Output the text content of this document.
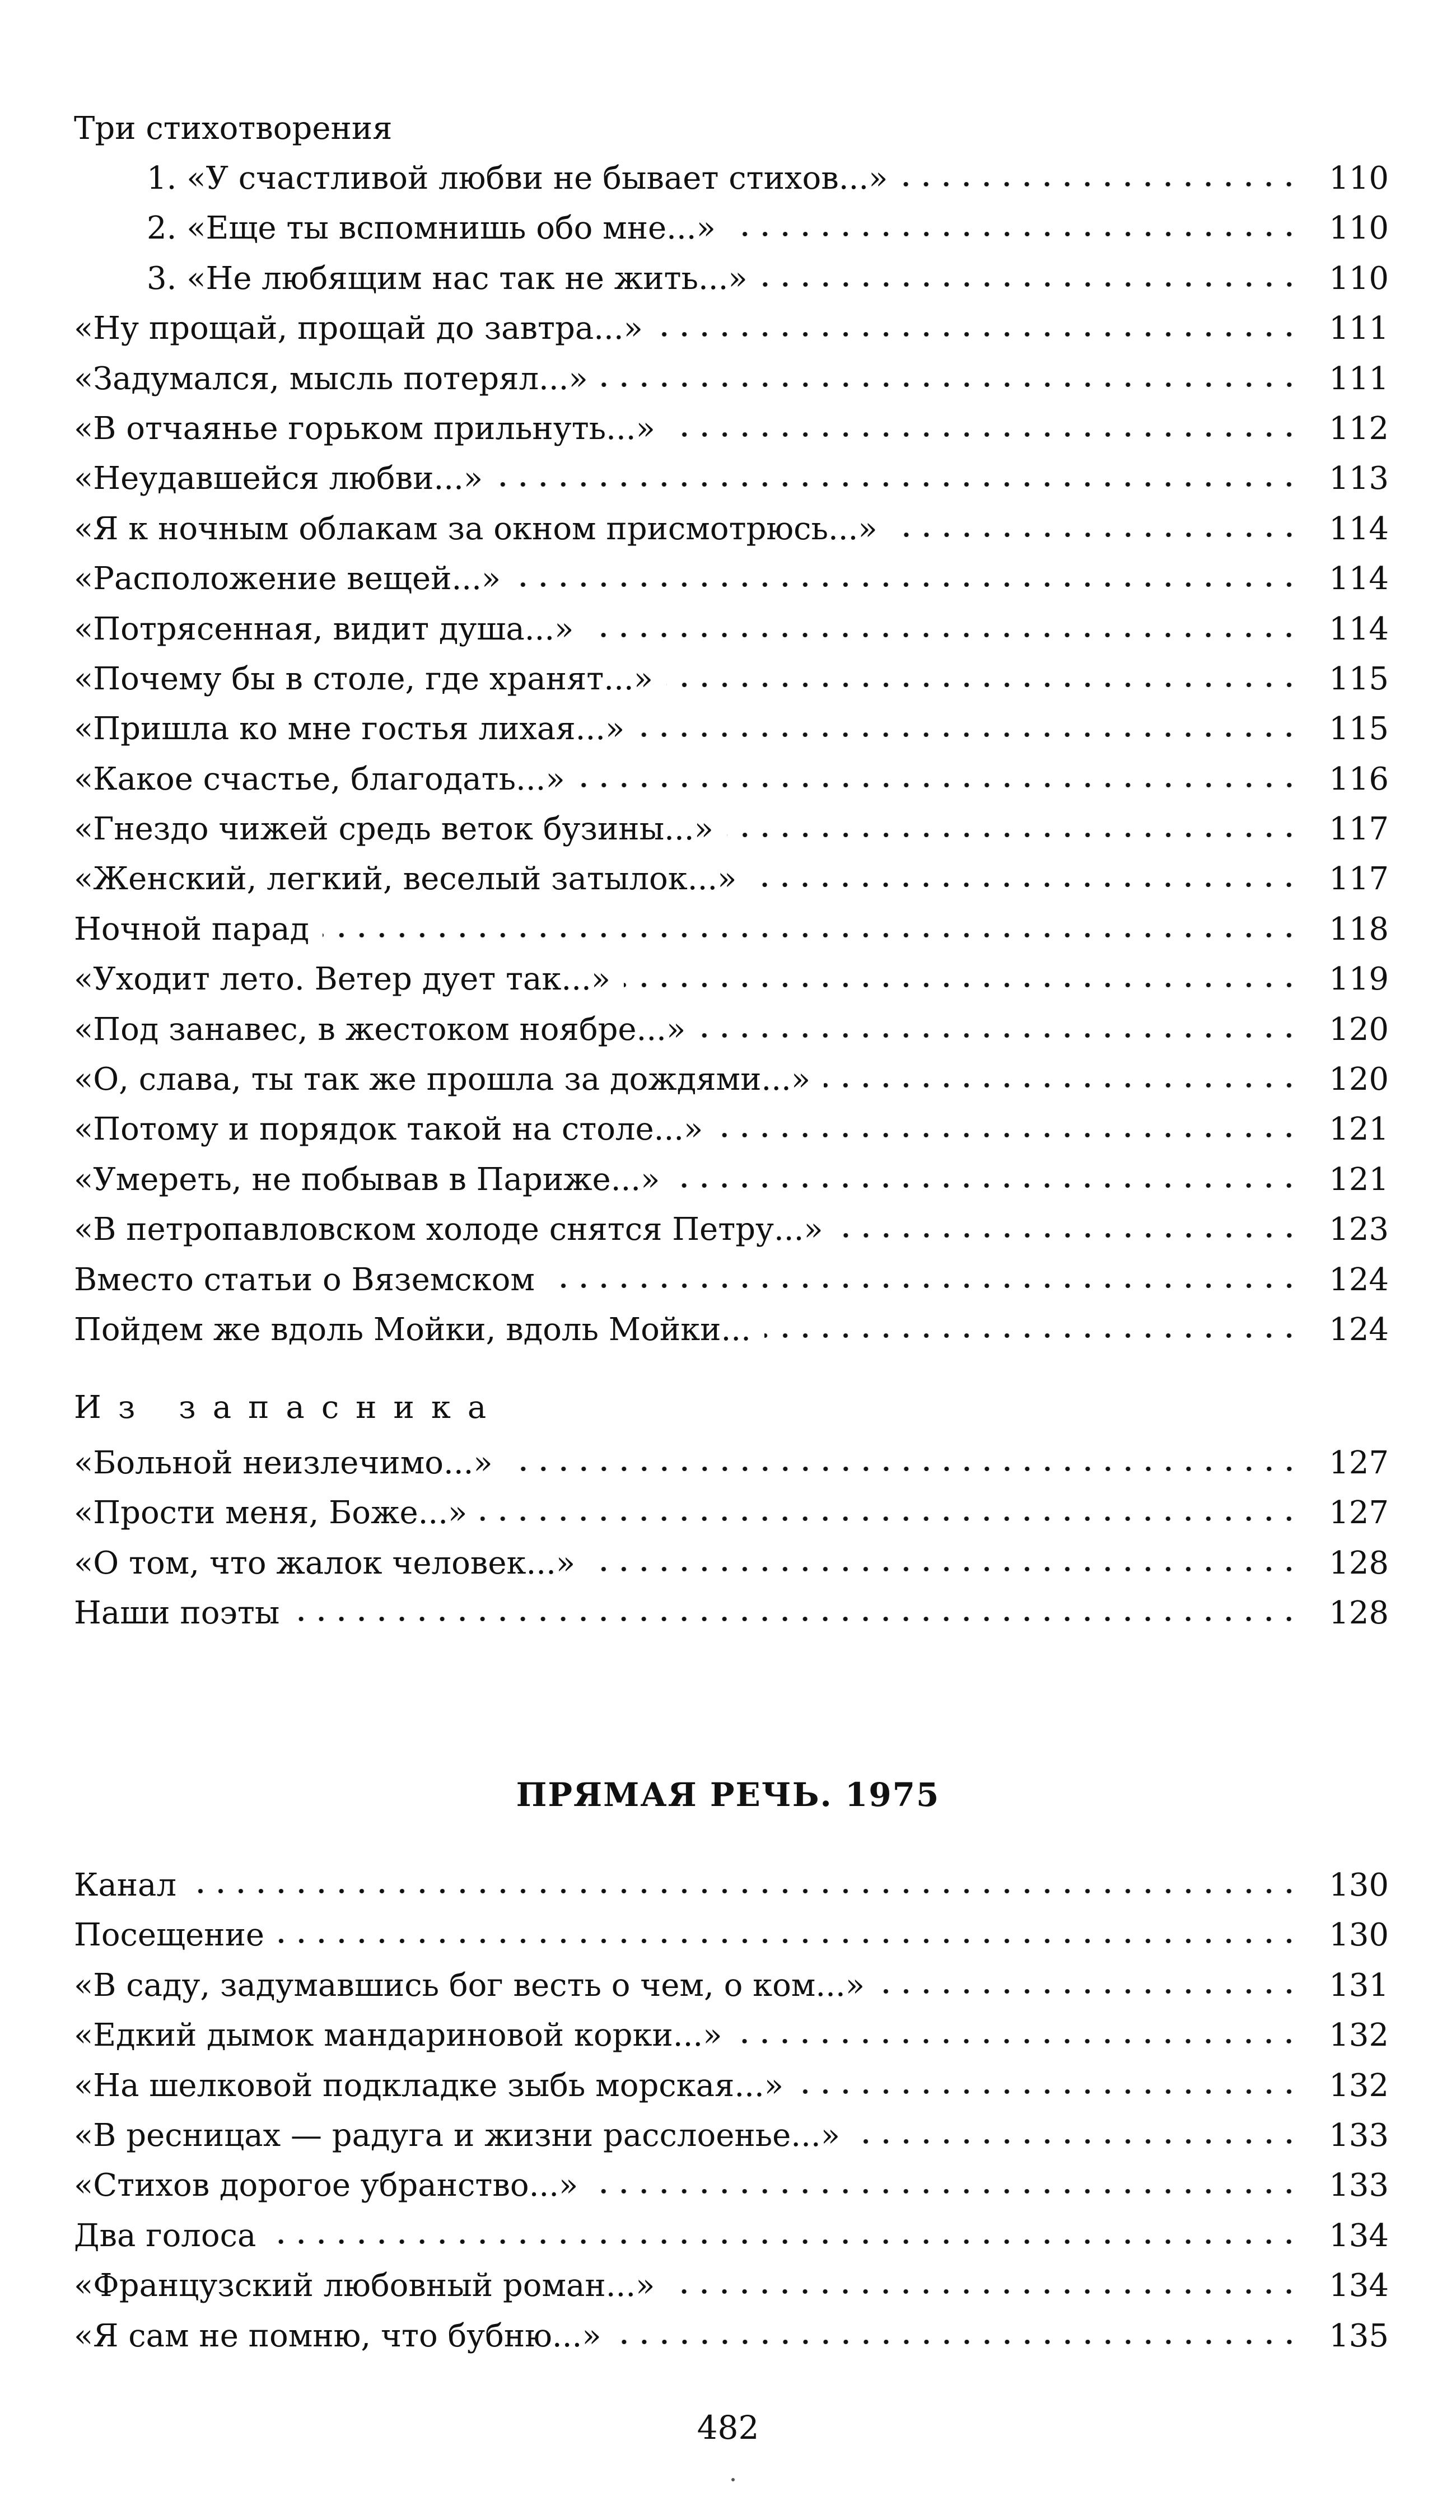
Три стихотворения
1. «У счастливой любви не бывает стихов...»	110
2. «Еще ты вспомнишь обо мне...»	110
3. «Не любящим нас так не жить...»	110
«Ну прощай, прощай до завтра...»	111
«Задумался, мысль потерял...»	111
«В отчаянье горьком прильнуть...»	112
«Неудавшейся любви...»	113
«Я к ночным облакам за окном присмотрюсь...»	114
«Расположение вещей...»	114
«Потрясенная, видит душа...»	114
«Почему бы в столе, где хранят...»	115
«Пришла ко мне гостья лихая...»	115
«Какое счастье, благодать...»	116
«Гнездо чижей средь веток бузины...»	117
«Женский, легкий, веселый затылок...»	117
Ночной парад	118
«Уходит лето. Ветер дует так...»	119
«Под занавес, в жестоком ноябре...»	120
«О, слава, ты так же прошла за дождями...»	120
«Потому и порядок такой на столе...»	121
«Умереть, не побывав в Париже...»	121
«В петропавловском холоде снятся Петру...»	123
Вместо статьи о Вяземском	124
Пойдем же вдоль Мойки, вдоль Мойки...	124
Из запасника
«Больной неизлечимо...»	127
«Прости меня, Боже...»	127
«О том, что жалок человек...»	128
Наши поэты	128
ПРЯМАЯ РЕЧЬ. 1975
Канал	130
Посещение	130
«В саду, задумавшись бог весть о чем, о ком...»	131
«Едкий дымок мандариновой корки...»	132
«На шелковой подкладке зыбь морская...»	132
«В ресницах — радуга и жизни расслоенье...»	133
«Стихов дорогое убранство...»	133
Два голоса	134
«Французский любовный роман...»	134
«Я сам не помню, что бубню...»	135
482
